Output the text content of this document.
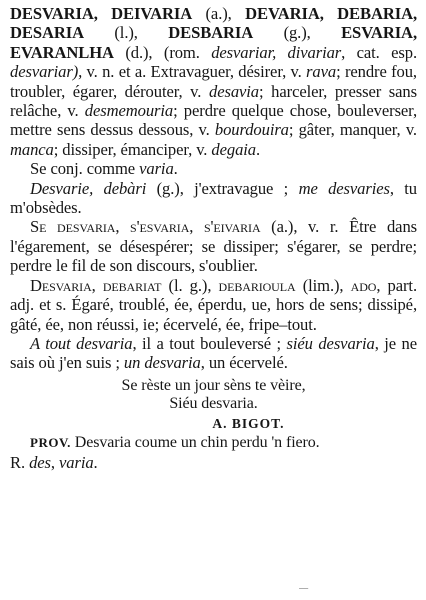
DESVARIA, DEIVARIA (a.), DEVARIA, DEBARIA, DESARIA (l.), DESBARIA (g.), ESVARIA, EVARANLHA (d.), (rom. desvariar, divariar, cat. esp. desvariar), v. n. et a. Extravaguer, désirer, v. rava; rendre fou, troubler, égarer, dérouter, v. desavia; harceler, presser sans relâche, v. desmemouria; perdre quelque chose, bouleverser, mettre sens dessus dessous, v. bourdouira; gâter, manquer, v. manca; dissiper, émanciper, v. degaia.

Se conj. comme varia.

Desvarie, debàri (g.), j'extravague ; me desvaries, tu m'obsèdes.

Se desvaria, s'esvaria, s'eivaria (a.), v. r. Être dans l'égarement, se désespérer; se dissiper; s'égarer, se perdre; perdre le fil de son discours, s'oublier.

Desvaria, debariat (l. g.), debarioula (lim.), ado, part. adj. et s. Égaré, troublé, ée, éperdu, ue, hors de sens; dissipé, gâté, ée, non réussi, ie; écervelé, ée, fripe–tout.

A tout desvaria, il a tout bouleversé ; siéu desvaria, je ne sais où j'en suis ; un desvaria, un écervelé.

Se rèste un jour sèns te vèire,
Siéu desvaria.
A. BIGOT.
PROV. Desvaria coume un chin perdu 'n fiero.
R. des, varia.
—
